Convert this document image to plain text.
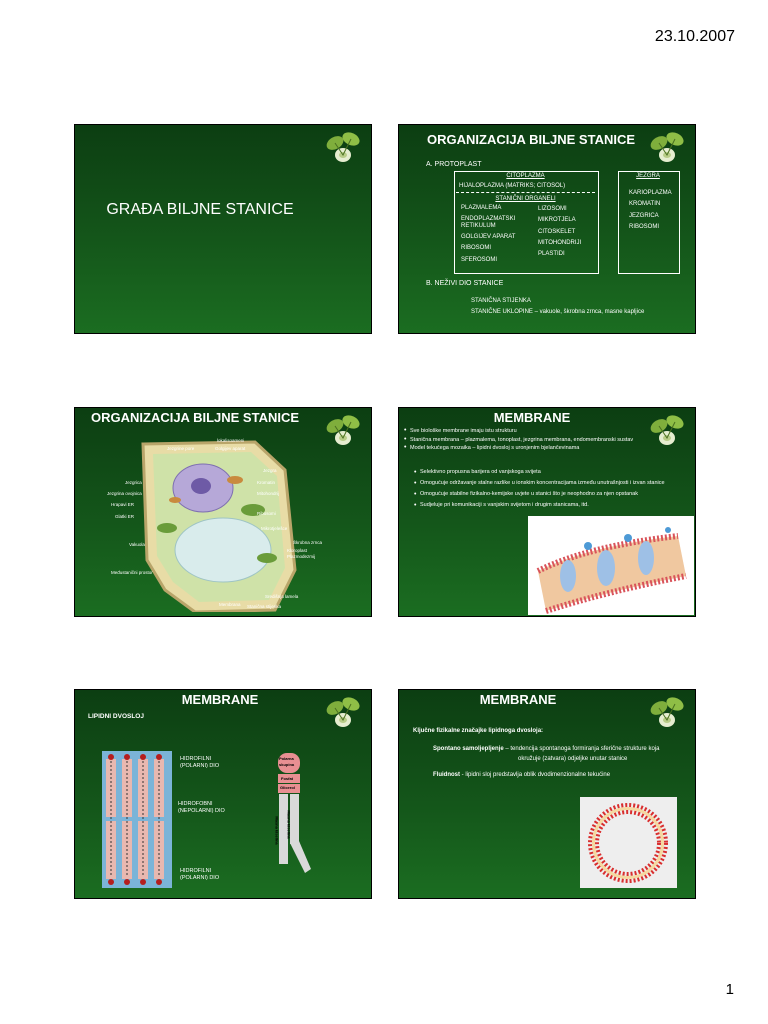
23.10.2007
1
GRAĐA BILJNE STANICE
ORGANIZACIJA BILJNE STANICE
A. PROTOPLAST
CITOPLAZMA
HIJALOPLAZMA (MATRIKS; CITOSOL)
STANIČNI ORGANELI
PLAZMALEMA
ENDOPLAZMATSKI
RETIKULUM
GOLGIJEV APARAT
RIBOSOMI
SFEROSOMI
LIZOSOMI
MIKROTJELA
CITOSKELET
MITOHONDRIJI
PLASTIDI
JEZGRA
KARIOPLAZMA
KROMATIN
JEZGRICA
RIBOSOMI
B. NEŽIVI DIO STANICE
STANIČNA STIJENKA
STANIČNE UKLOPINE – vakuole, škrobna zrnca, masne kapljice
ORGANIZACIJA BILJNE STANICE
lokalisoameni
Jezgrine pore	Golgijev aparat
Jezgra
Jezgrica	Kromatin
Jezgrina ovojnica	Mitohondrij
Hrapavi ER
Glatki ER
Ribosomi
Mikrotjelešce
Vakuola	Škrobna zrnca
Kloroplast
Plazmodezmij
Međustanični prostor
Središnja lamela
Membrana Stanična stijenka
MEMBRANE
• Sve biološke membrane imaju istu strukturu
• Stanična membrana – plazmalema, tonoplast, jezgrina membrana, endomembranski sustav
• Model tekućega mozaika – lipidni dvosloj s uronjenim bjelančevinama
• Selektivno propusna barijera od vanjskoga svijeta
• Omogućuje održavanje stalne razlike u ionskim koncentracijama između unutrašnjosti i izvan stanice
• Omogućuje stabilne fizikalno-kemijske uvjete u stanici što je neophodno za njen opstanak
• Sudjeluje pri komunikaciji s vanjskim svijetom i drugim stanicama, itd.
MEMBRANE
LIPIDNI DVOSLOJ
HIDROFILNI
(POLARNI) DIO
HIDROFOBNI
(NEPOLARNI) DIO
HIDROFILNI
(POLARNI) DIO
Polarna
skupina
Fosfat
Glicerol
Masna kiselina Masna kiselina
MEMBRANE
Ključne fizikalne značajke lipidnoga dvosloja:
Spontano samoljepljenje – tendencija spontanoga formiranja sferične strukture koja
okružuje (zatvara) odjeljke unutar stanice
Fluidnost - lipidni sloj predstavlja oblik dvodimenzionalne tekućine
